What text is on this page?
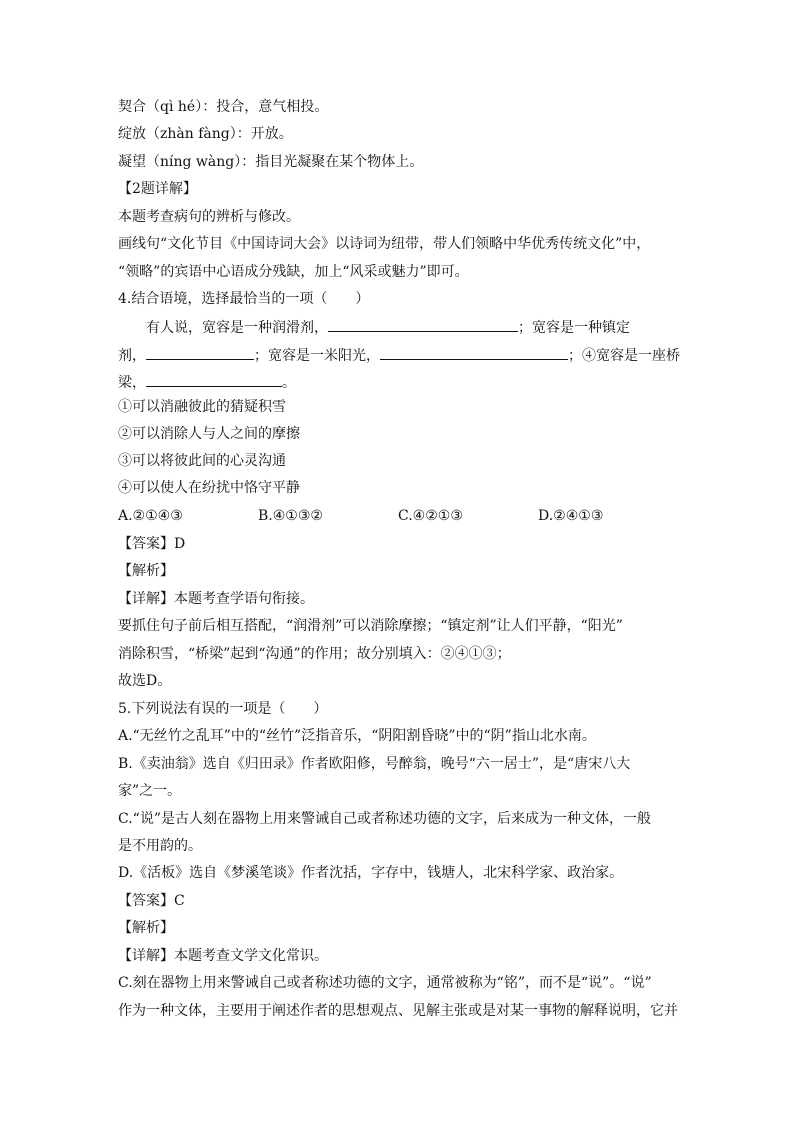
契合（qì hé）：投合，意气相投。
绽放（zhàn fàng）：开放。
凝望（níng wàng）：指目光凝聚在某个物体上。
【2题详解】
本题考查病句的辨析与修改。
画线句“文化节目《中国诗词大会》以诗词为纽带，带人们领略中华优秀传统文化”中，
“领略”的宾语中心语成分残缺，加上“风采或魅力”即可。
4.结合语境，选择最恰当的一项（　　）
有人说，宽容是一种润滑剂，	；宽容是一种镇定
剂，	；宽容是一米阳光，	；④宽容是一座桥
梁，	。
①可以消融彼此的猜疑积雪
②可以消除人与人之间的摩擦
③可以将彼此间的心灵沟通
④可以使人在纷扰中恪守平静
A.②①④③	B.④①③②	C.④②①③	D.②④①③
【答案】D
【解析】
【详解】本题考查学语句衔接。
要抓住句子前后相互搭配，“润滑剂”可以消除摩擦；“镇定剂”让人们平静，“阳光”
消除积雪，“桥梁”起到“沟通”的作用；故分别填入：②④①③；
故选D。
5.下列说法有误的一项是（　　）
A.“无丝竹之乱耳”中的“丝竹”泛指音乐，“阴阳割昏晓”中的“阴”指山北水南。
B.《卖油翁》选自《归田录》作者欧阳修，号醉翁，晚号“六一居士”，是“唐宋八大
家”之一。
C.“说”是古人刻在器物上用来警诫自己或者称述功德的文字，后来成为一种文体，一般
是不用韵的。
D.《活板》选自《梦溪笔谈》作者沈括，字存中，钱塘人，北宋科学家、政治家。
【答案】C
【解析】
【详解】本题考查文学文化常识。
C.刻在器物上用来警诫自己或者称述功德的文字，通常被称为“铭”，而不是“说”。“说”
作为一种文体，主要用于阐述作者的思想观点、见解主张或是对某一事物的解释说明，它并
